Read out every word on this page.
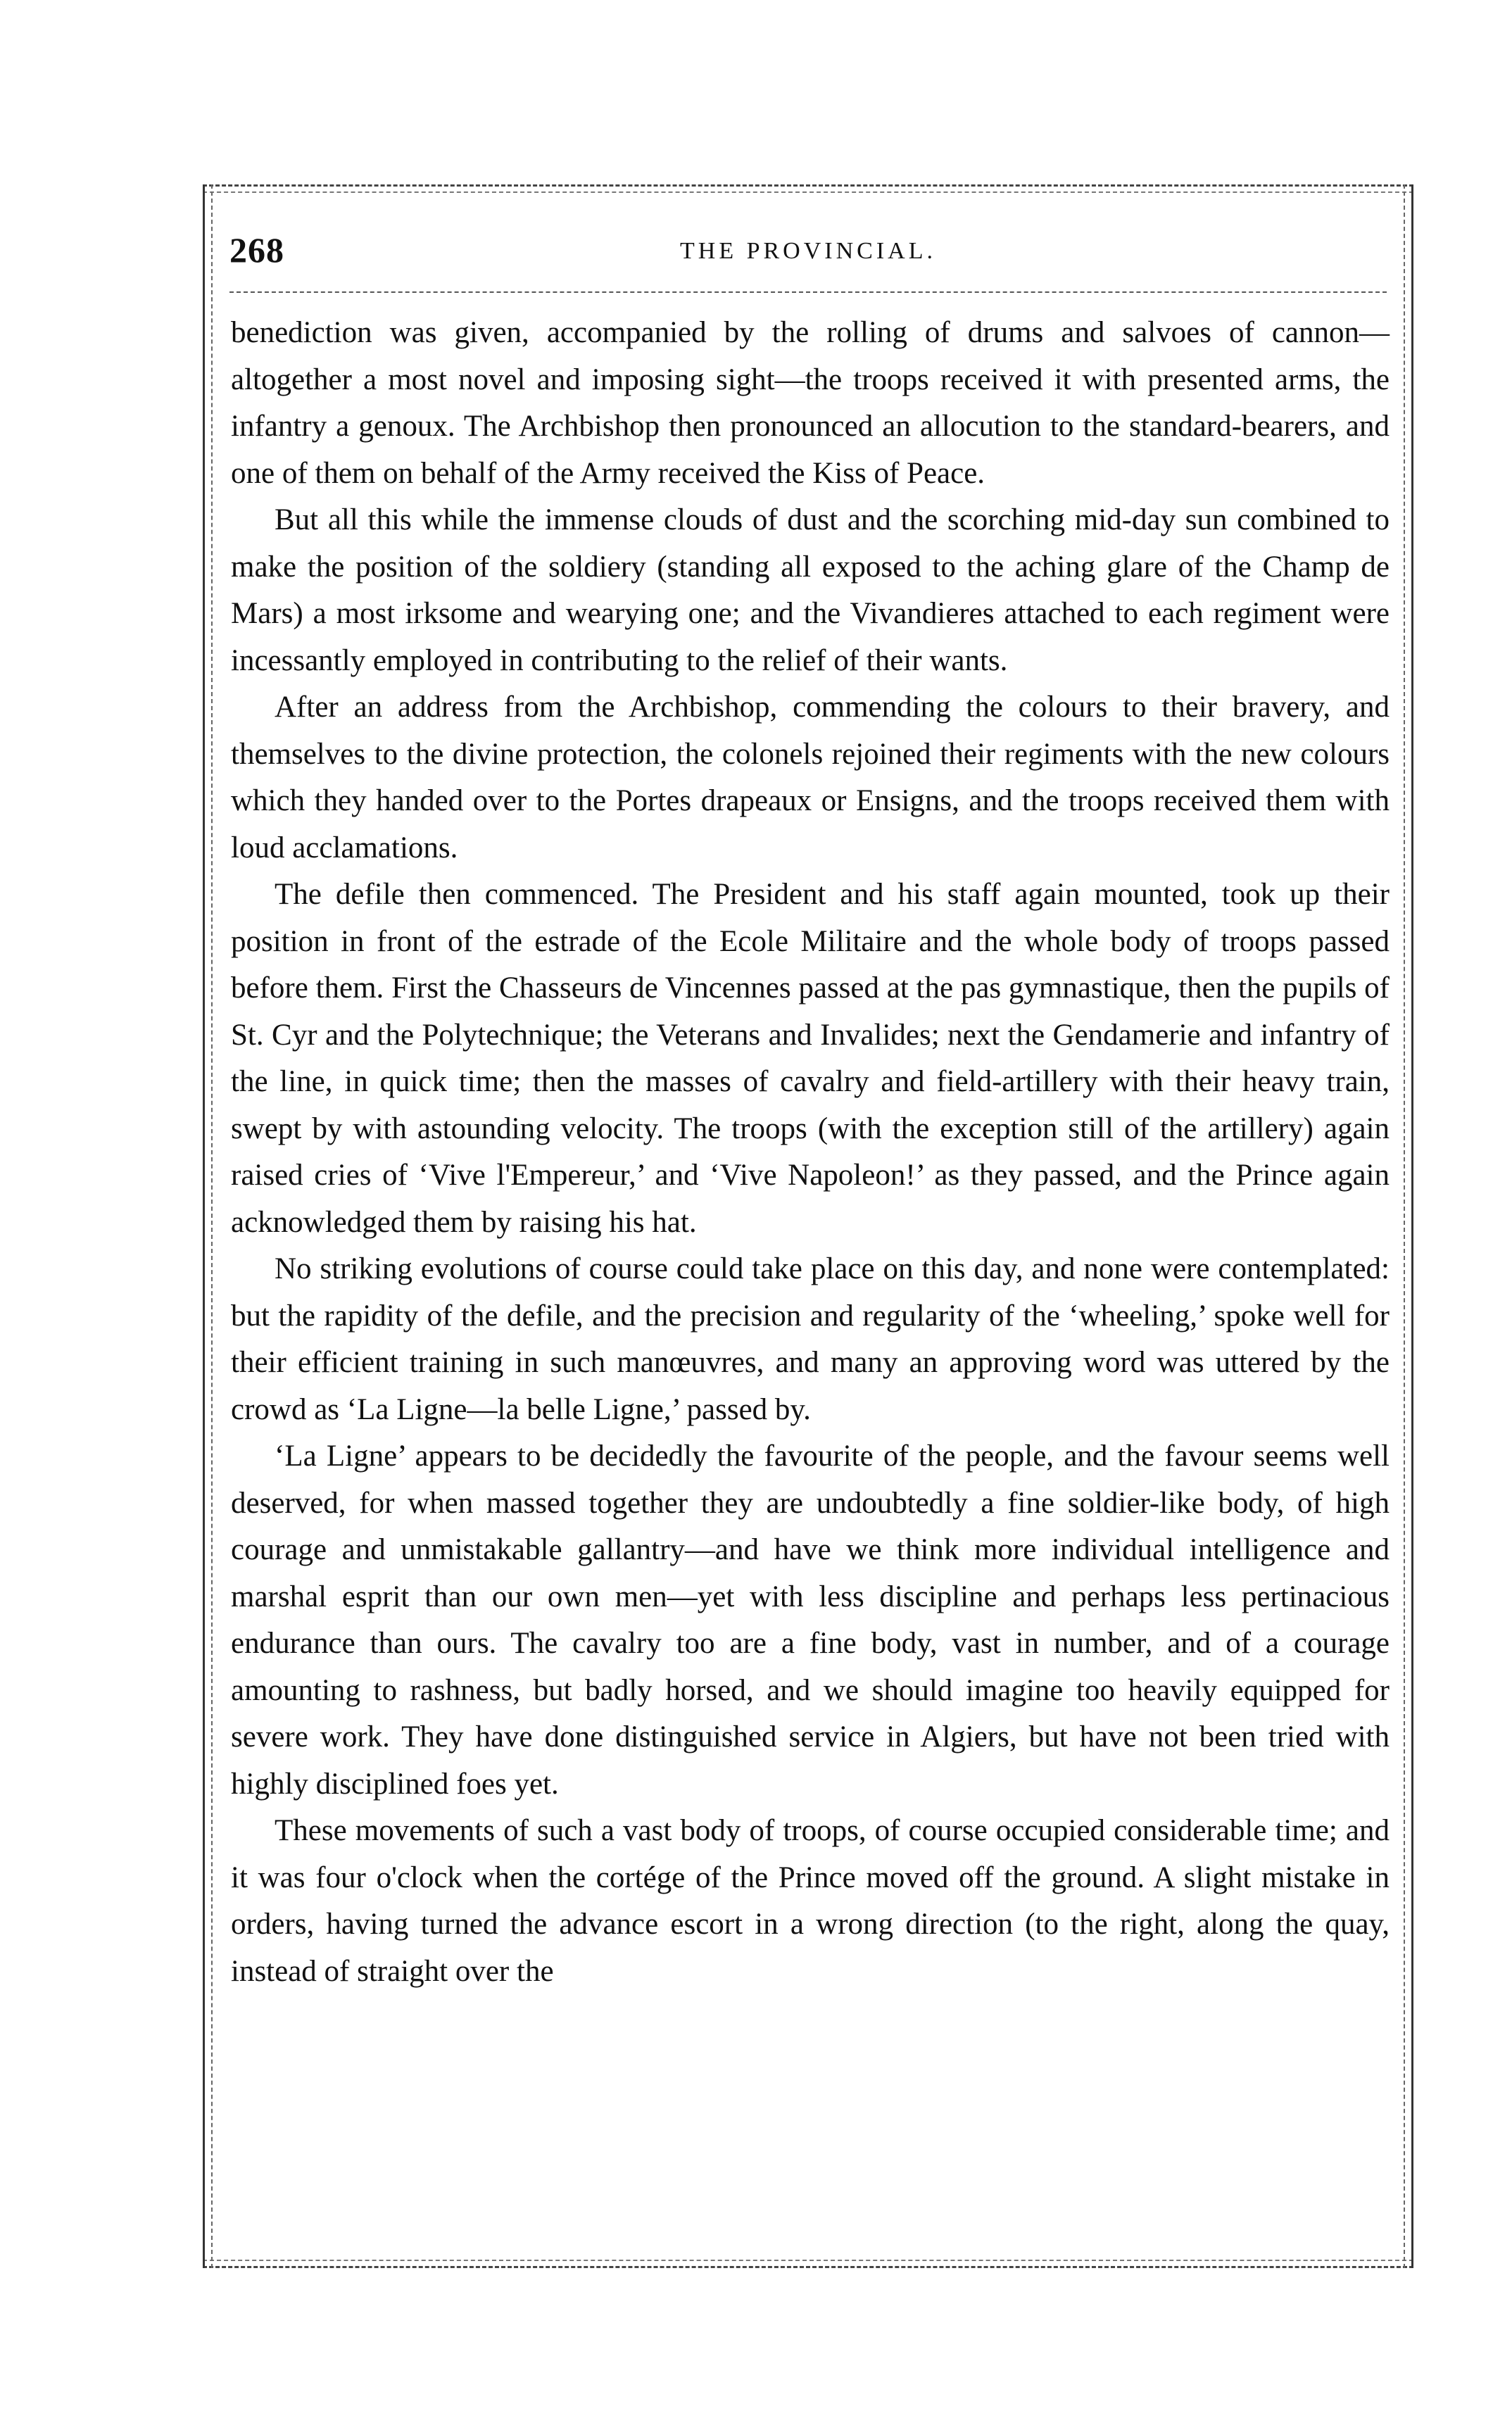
268	THE PROVINCIAL.

benediction was given, accompanied by the rolling of drums and salvoes of cannon—altogether a most novel and imposing sight—the troops received it with presented arms, the infantry a genoux. The Archbishop then pronounced an allocution to the standard-bearers, and one of them on behalf of the Army received the Kiss of Peace.

But all this while the immense clouds of dust and the scorching mid-day sun combined to make the position of the soldiery (standing all exposed to the aching glare of the Champ de Mars) a most irksome and wearying one; and the Vivandieres attached to each regiment were incessantly employed in contributing to the relief of their wants.

After an address from the Archbishop, commending the colours to their bravery, and themselves to the divine protection, the colonels rejoined their regiments with the new colours which they handed over to the Portes drapeaux or Ensigns, and the troops received them with loud acclamations.

The defile then commenced. The President and his staff again mounted, took up their position in front of the estrade of the Ecole Militaire and the whole body of troops passed before them. First the Chasseurs de Vincennes passed at the pas gymnastique, then the pupils of St. Cyr and the Polytechnique; the Veterans and Invalides; next the Gendamerie and infantry of the line, in quick time; then the masses of cavalry and field-artillery with their heavy train, swept by with astounding velocity. The troops (with the exception still of the artillery) again raised cries of ‘Vive l'Empereur,’ and ‘Vive Napoleon!’ as they passed, and the Prince again acknowledged them by raising his hat.

No striking evolutions of course could take place on this day, and none were contemplated: but the rapidity of the defile, and the precision and regularity of the ‘wheeling,’ spoke well for their efficient training in such manœuvres, and many an approving word was uttered by the crowd as ‘La Ligne—la belle Ligne,’ passed by.

‘La Ligne’ appears to be decidedly the favourite of the people, and the favour seems well deserved, for when massed together they are undoubtedly a fine soldier-like body, of high courage and unmistakable gallantry—and have we think more individual intelligence and marshal esprit than our own men—yet with less discipline and perhaps less pertinacious endurance than ours. The cavalry too are a fine body, vast in number, and of a courage amounting to rashness, but badly horsed, and we should imagine too heavily equipped for severe work. They have done distinguished service in Algiers, but have not been tried with highly disciplined foes yet.

These movements of such a vast body of troops, of course occupied considerable time; and it was four o'clock when the cortége of the Prince moved off the ground. A slight mistake in orders, having turned the advance escort in a wrong direction (to the right, along the quay, instead of straight over the
